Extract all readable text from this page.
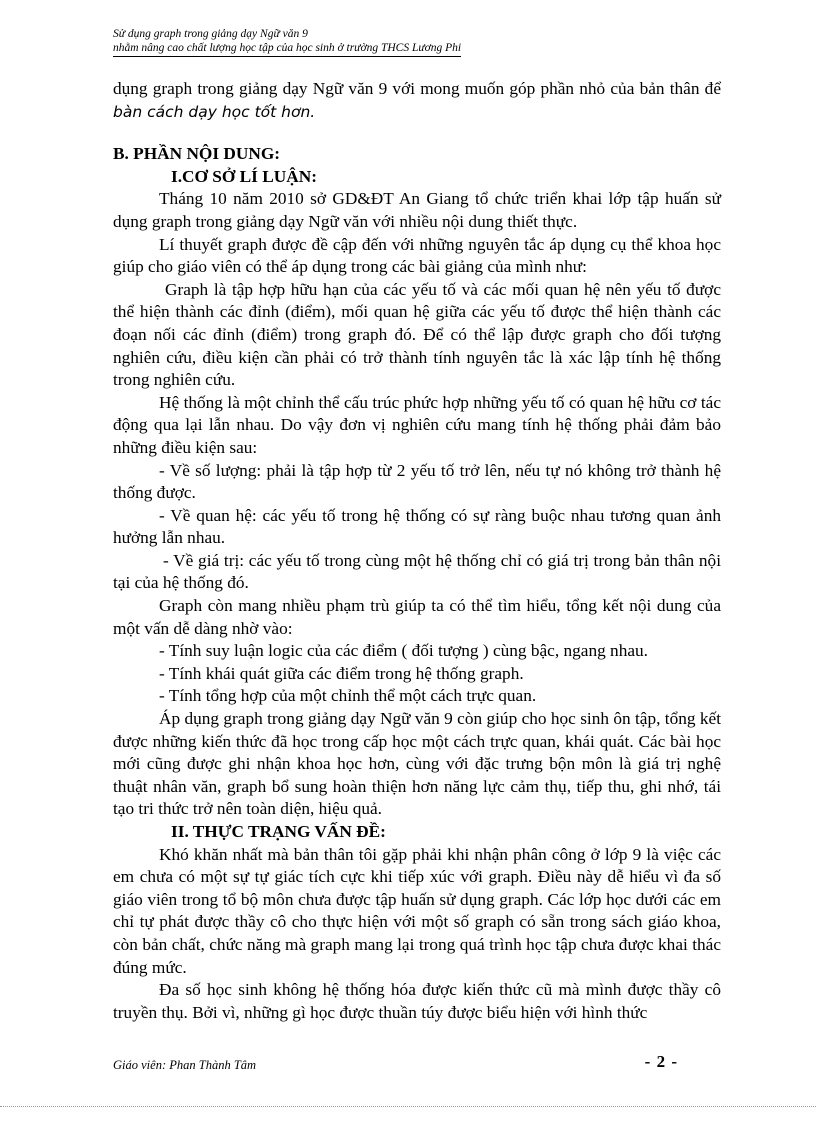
Sử dụng graph trong giảng dạy Ngữ văn 9
nhằm nâng cao chất lượng học tập của học sinh ở trường THCS Lương Phi

dụng graph trong giảng dạy Ngữ văn 9 với mong muốn góp phần nhỏ của bản thân để bàn cách dạy học tốt hơn.

B. PHẦN NỘI DUNG:

I.CƠ SỞ LÍ LUẬN:

Tháng 10 năm 2010 sở GD&ĐT An Giang tổ chức triển khai lớp tập huấn sử dụng graph trong giảng dạy Ngữ văn với nhiều nội dung thiết thực.

Lí thuyết graph được đề cập đến với những nguyên tắc áp dụng cụ thể khoa học giúp cho giáo viên có thể áp dụng trong các bài giảng của mình như:

Graph là tập hợp hữu hạn của các yếu tố và các mối quan hệ nên yếu tố được thể hiện thành các đỉnh (điểm), mối quan hệ giữa các yếu tố được thể hiện thành các đoạn nối các đỉnh (điểm) trong graph đó. Để có thể lập được graph cho đối tượng nghiên cứu, điều kiện cần phải có trở thành tính nguyên tắc là xác lập tính hệ thống trong nghiên cứu.

Hệ thống là một chỉnh thể cấu trúc phức hợp những yếu tố có quan hệ hữu cơ tác động qua lại lẫn nhau. Do vậy đơn vị nghiên cứu mang tính hệ thống phải đảm bảo những điều kiện sau:

- Về số lượng: phải là tập hợp từ 2 yếu tố trở lên, nếu tự nó không trở thành hệ thống được.

- Về quan hệ: các yếu tố trong hệ thống có sự ràng buộc nhau tương quan ảnh hưởng lẫn nhau.

- Về giá trị: các yếu tố trong cùng một hệ thống chỉ có giá trị trong bản thân nội tại của hệ thống đó.

Graph còn mang nhiều phạm trù giúp ta có thể tìm hiểu, tổng kết nội dung của một vấn dễ dàng nhờ vào:

- Tính suy luận logic của các điểm ( đối tượng ) cùng bậc, ngang nhau.

- Tính khái quát giữa các điểm trong hệ thống graph.

- Tính tổng hợp của một chỉnh thể một cách trực quan.

Áp dụng graph trong giảng dạy Ngữ văn 9 còn giúp cho học sinh ôn tập, tổng kết được những kiến thức đã học trong cấp học một cách trực quan, khái quát. Các bài học mới cũng được ghi nhận khoa học hơn, cùng với đặc trưng bộn môn là giá trị nghệ thuật nhân văn, graph bổ sung hoàn thiện hơn năng lực cảm thụ, tiếp thu, ghi nhớ, tái tạo tri thức trở nên toàn diện, hiệu quả.

II. THỰC TRẠNG VẤN ĐỀ:

Khó khăn nhất mà bản thân tôi gặp phải khi nhận phân công ở lớp 9 là việc các em chưa có một sự tự giác tích cực khi tiếp xúc với graph. Điều này dễ hiểu vì đa số giáo viên trong tổ bộ môn chưa được tập huấn sử dụng graph. Các lớp học dưới các em chỉ tự phát được thầy cô cho thực hiện với một số graph có sẵn trong sách giáo khoa, còn bản chất, chức năng mà graph mang lại trong quá trình học tập chưa được khai thác đúng mức.

Đa số học sinh không hệ thống hóa được kiến thức cũ mà mình được thầy cô truyền thụ. Bởi vì, những gì học được thuần túy được biểu hiện với hình thức

Giáo viên: Phan Thành Tâm	- 2 -
